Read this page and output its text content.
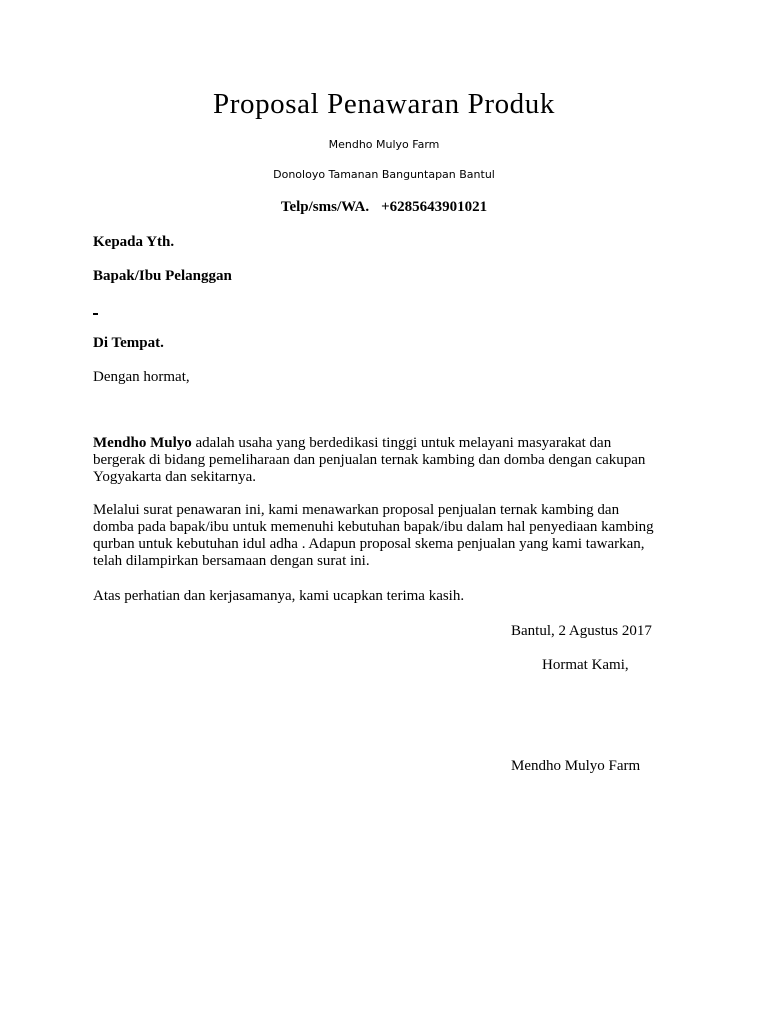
Proposal Penawaran Produk
Mendho Mulyo Farm
Donoloyo Tamanan Banguntapan Bantul
Telp/sms/WA. +6285643901021
Kepada Yth.
Bapak/Ibu Pelanggan
Di Tempat.
Dengan hormat,
Mendho Mulyo adalah usaha yang berdedikasi tinggi untuk melayani masyarakat dan
bergerak di bidang pemeliharaan dan penjualan ternak kambing dan domba dengan cakupan
Yogyakarta dan sekitarnya.
Melalui surat penawaran ini, kami menawarkan proposal penjualan ternak kambing dan
domba pada bapak/ibu untuk memenuhi kebutuhan bapak/ibu dalam hal penyediaan kambing
qurban untuk kebutuhan idul adha . Adapun proposal skema penjualan yang kami tawarkan,
telah dilampirkan bersamaan dengan surat ini.
Atas perhatian dan kerjasamanya, kami ucapkan terima kasih.
Bantul, 2 Agustus 2017
Hormat Kami,
Mendho Mulyo Farm
